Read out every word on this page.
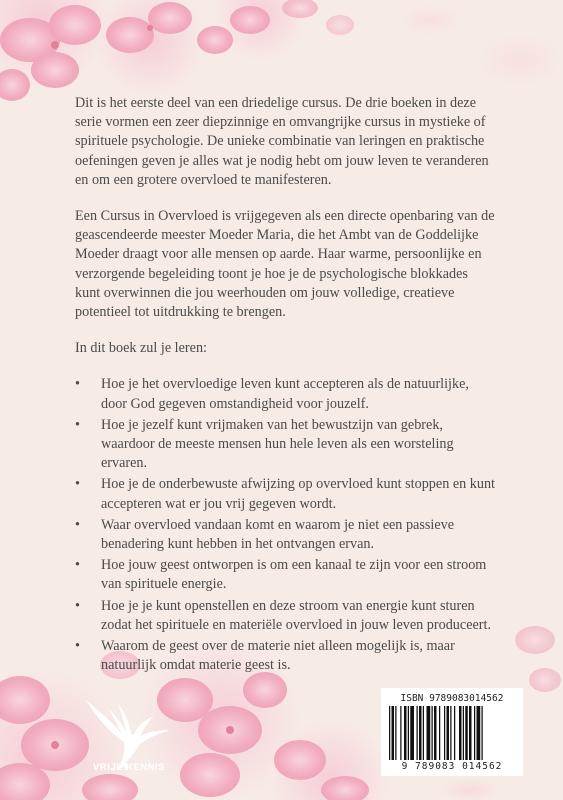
Dit is het eerste deel van een driedelige cursus. De drie boeken in deze serie vormen een zeer diepzinnige en omvangrijke cursus in mystieke of spirituele psychologie. De unieke combinatie van leringen en praktische oefeningen geven je alles wat je nodig hebt om jouw leven te veranderen en om een grotere overvloed te manifesteren.

Een Cursus in Overvloed is vrijgegeven als een directe openbaring van de geascendeerde meester Moeder Maria, die het Ambt van de Goddelijke Moeder draagt voor alle mensen op aarde. Haar warme, persoonlijke en verzorgende begeleiding toont je hoe je de psychologische blokkades kunt overwinnen die jou weerhouden om jouw volledige, creatieve potentieel tot uitdrukking te brengen.

In dit boek zul je leren:

• Hoe je het overvloedige leven kunt accepteren als de natuurlijke, door God gegeven omstandigheid voor jouzelf.
• Hoe je jezelf kunt vrijmaken van het bewustzijn van gebrek, waardoor de meeste mensen hun hele leven als een worsteling ervaren.
• Hoe je de onderbewuste afwijzing op overvloed kunt stoppen en kunt accepteren wat er jou vrij gegeven wordt.
• Waar overvloed vandaan komt en waarom je niet een passieve benadering kunt hebben in het ontvangen ervan.
• Hoe jouw geest ontworpen is om een kanaal te zijn voor een stroom van spirituele energie.
• Hoe je je kunt openstellen en deze stroom van energie kunt sturen zodat het spirituele en materiële overvloed in jouw leven produceert.
• Waarom de geest over de materie niet alleen mogelijk is, maar natuurlijk omdat materie geest is.
VRIJE KENNIS
ISBN 9789083014562
9 789083 014562
